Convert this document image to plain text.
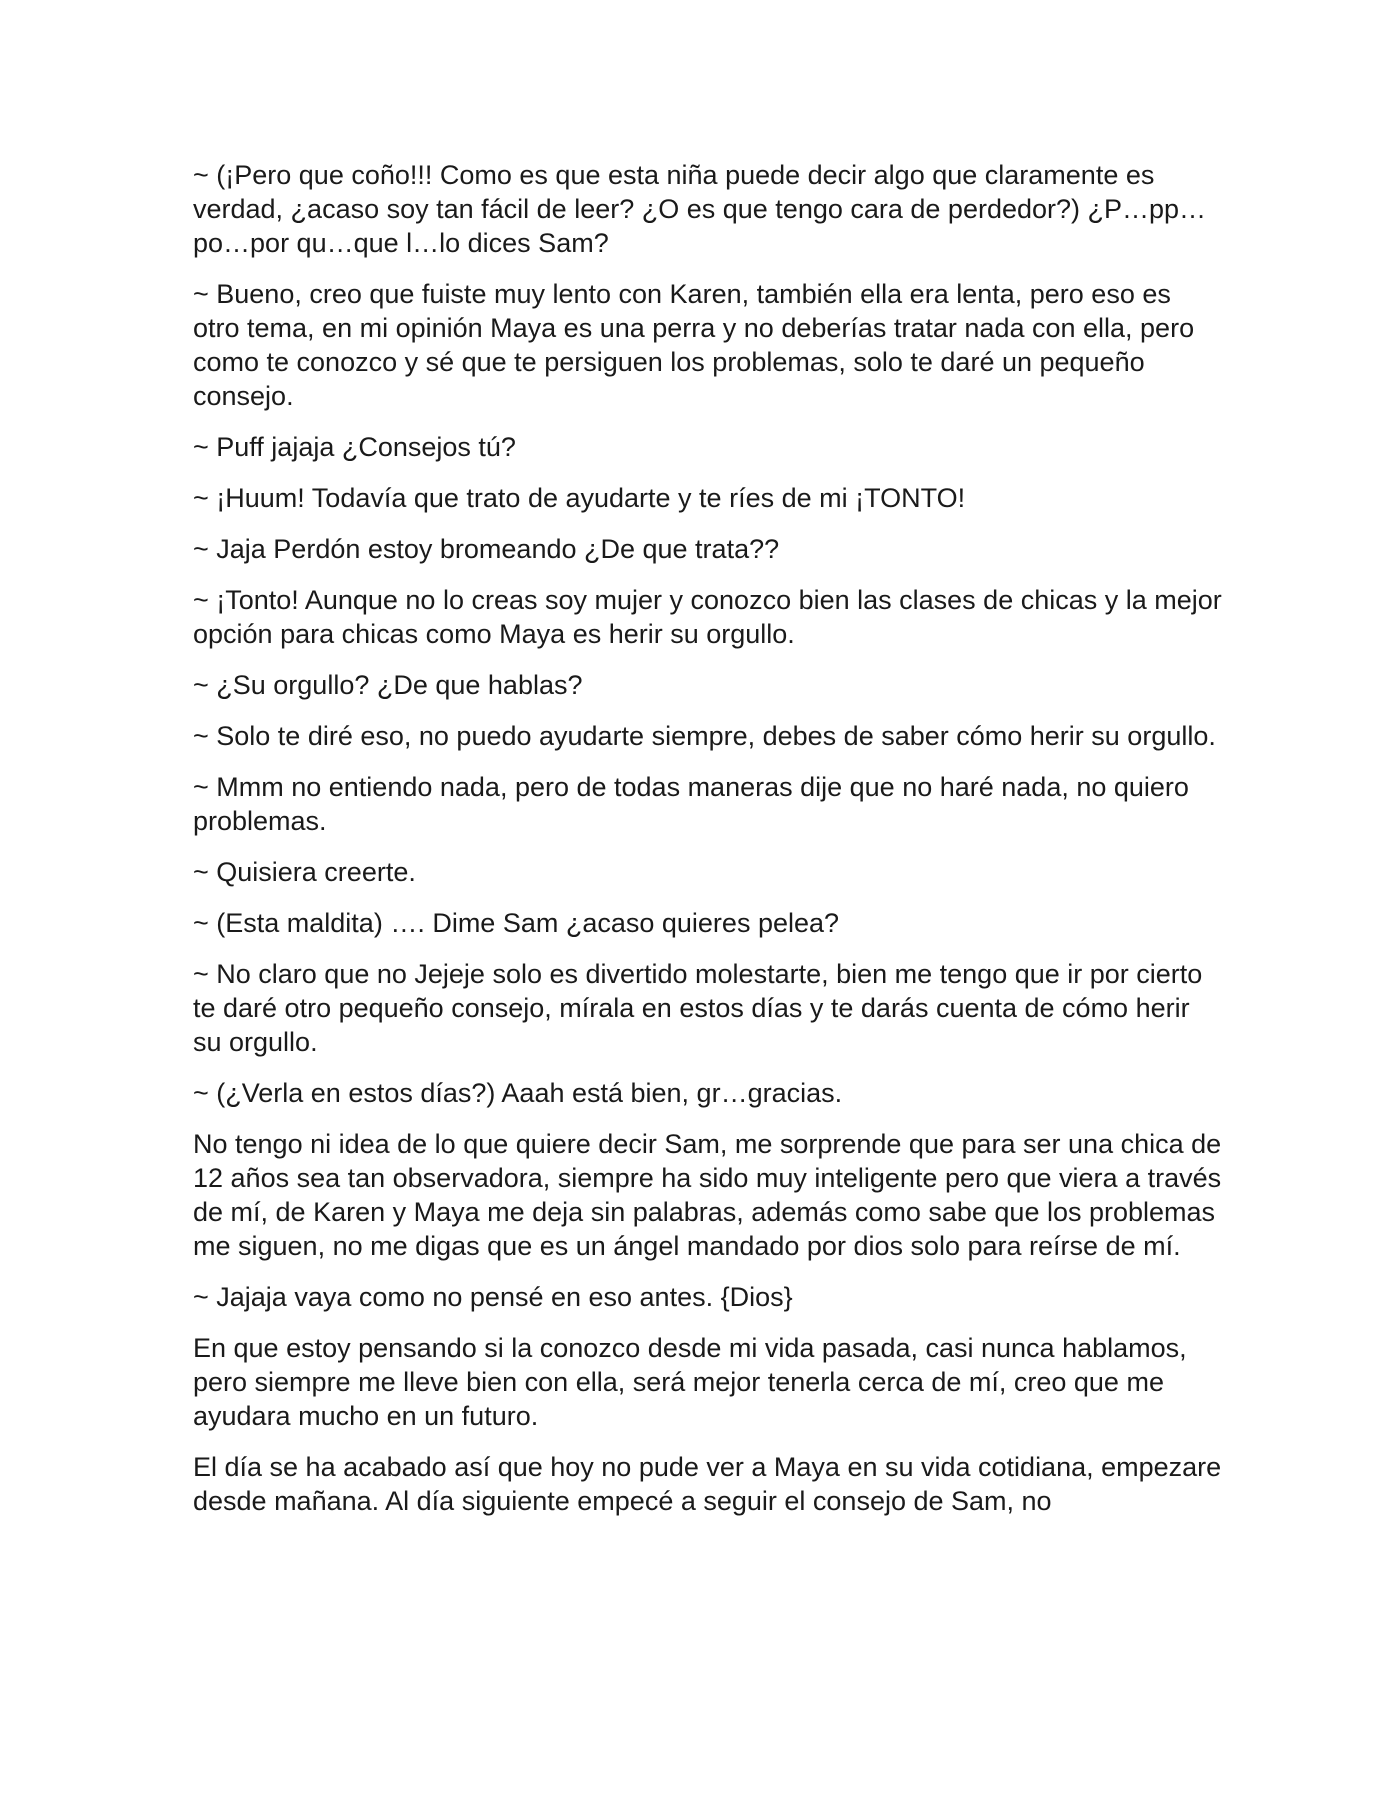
~ (¡Pero que coño!!! Como es que esta niña puede decir algo que claramente es verdad, ¿acaso soy tan fácil de leer? ¿O es que tengo cara de perdedor?) ¿P…pp…po…por qu…que l…lo dices Sam?

~ Bueno, creo que fuiste muy lento con Karen, también ella era lenta, pero eso es otro tema, en mi opinión Maya es una perra y no deberías tratar nada con ella, pero como te conozco y sé que te persiguen los problemas, solo te daré un pequeño consejo.

~ Puff jajaja ¿Consejos tú?

~ ¡Huum! Todavía que trato de ayudarte y te ríes de mi ¡TONTO!

~ Jaja Perdón estoy bromeando ¿De que trata??

~ ¡Tonto! Aunque no lo creas soy mujer y conozco bien las clases de chicas y la mejor opción para chicas como Maya es herir su orgullo.

~ ¿Su orgullo? ¿De que hablas?

~ Solo te diré eso, no puedo ayudarte siempre, debes de saber cómo herir su orgullo.

~ Mmm no entiendo nada, pero de todas maneras dije que no haré nada, no quiero problemas.

~ Quisiera creerte.

~ (Esta maldita) …. Dime Sam ¿acaso quieres pelea?

~ No claro que no Jejeje solo es divertido molestarte, bien me tengo que ir por cierto te daré otro pequeño consejo, mírala en estos días y te darás cuenta de cómo herir su orgullo.

~ (¿Verla en estos días?) Aaah está bien, gr…gracias.

No tengo ni idea de lo que quiere decir Sam, me sorprende que para ser una chica de 12 años sea tan observadora, siempre ha sido muy inteligente pero que viera a través de mí, de Karen y Maya me deja sin palabras, además como sabe que los problemas me siguen, no me digas que es un ángel mandado por dios solo para reírse de mí.

~ Jajaja vaya como no pensé en eso antes. {Dios}

En que estoy pensando si la conozco desde mi vida pasada, casi nunca hablamos, pero siempre me lleve bien con ella, será mejor tenerla cerca de mí, creo que me ayudara mucho en un futuro.

El día se ha acabado así que hoy no pude ver a Maya en su vida cotidiana, empezare desde mañana. Al día siguiente empecé a seguir el consejo de Sam, no
